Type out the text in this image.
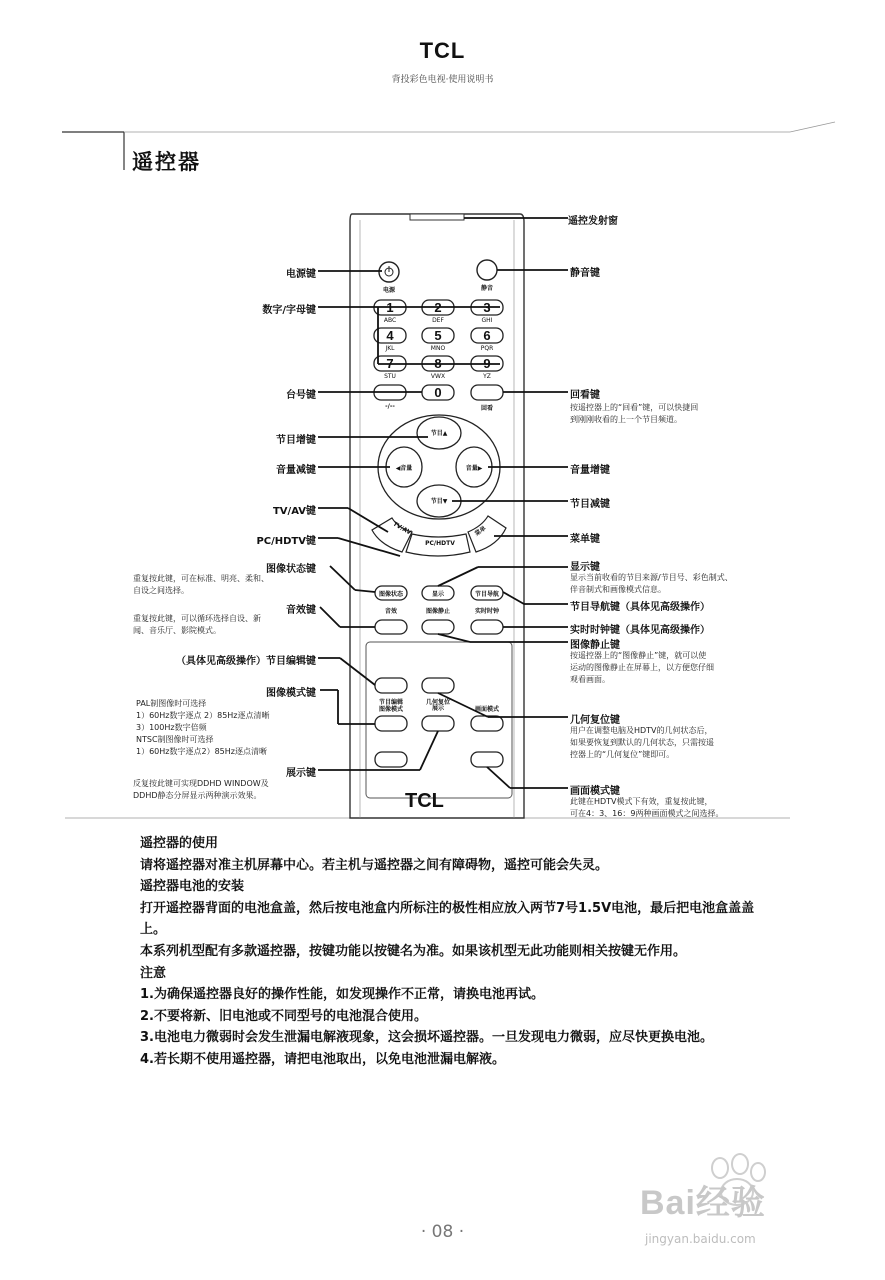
TCL
背投彩色电视·使用说明书
遥控器
电源	静音
1	2	3
ABC	DEF	GHI
4	5	6
JKL	MNO	PQR
7	8	9
STU	VWX	YZ
0
-/--	回看
节目▲
节目▼
◀音量	音量▶
TV/AV
PC/HDTV
菜单
图像状态	显示	节目导航
音效	图像静止	实时时钟
节目编辑	几何复位
展示
图像模式	画面模式
TCL
遥控发射窗
电源键	静音键
数字/字母键
台号键	回看键
按遥控器上的“回看”键，可以快捷回
到刚刚收看的上一个节目频道。
节目增键
音量减键	音量增键
节目减键
TV/AV键
PC/HDTV键	菜单键
图像状态键
重复按此键，可在标准、明亮、柔和、
自设之间选择。
显示键
显示当前收看的节目来源/节目号、彩色制式、
伴音制式和画像模式信息。
节目导航键（具体见高级操作）
音效键
重复按此键，可以循环选择自设、新
闻、音乐厅、影院模式。	实时时钟键（具体见高级操作）
图像静止键
按遥控器上的“图像静止”键，就可以使
运动的图像静止在屏幕上，以方便您仔细
观看画面。
（具体见高级操作）节目编辑键
图像模式键
PAL制图像时可选择
1）60Hz数字逐点 2）85Hz逐点清晰
3）100Hz数字倍频
NTSC制图像时可选择
1）60Hz数字逐点2）85Hz逐点清晰
几何复位键
用户在调整电脑及HDTV的几何状态后，
如果要恢复到默认的几何状态，只需按遥
控器上的“几何复位”键即可。
展示键
反复按此键可实现DDHD WINDOW及
DDHD静态分屏显示两种演示效果。	画面模式键
此键在HDTV模式下有效，重复按此键，
可在4：3、16：9两种画面模式之间选择。

遥控器的使用

请将遥控器对准主机屏幕中心。若主机与遥控器之间有障碍物，遥控可能会失灵。

遥控器电池的安装

打开遥控器背面的电池盒盖，然后按电池盒内所标注的极性相应放入两节7号1.5V电池，最后把电池盒盖盖上。

本系列机型配有多款遥控器，按键功能以按键名为准。如果该机型无此功能则相关按键无作用。

注意

1.为确保遥控器良好的操作性能，如发现操作不正常，请换电池再试。

2.不要将新、旧电池或不同型号的电池混合使用。

3.电池电力微弱时会发生泄漏电解液现象，这会损坏遥控器。一旦发现电力微弱，应尽快更换电池。

4.若长期不使用遥控器，请把电池取出，以免电池泄漏电解液。

Bai经验
jingyan.baidu.com
· 08 ·
